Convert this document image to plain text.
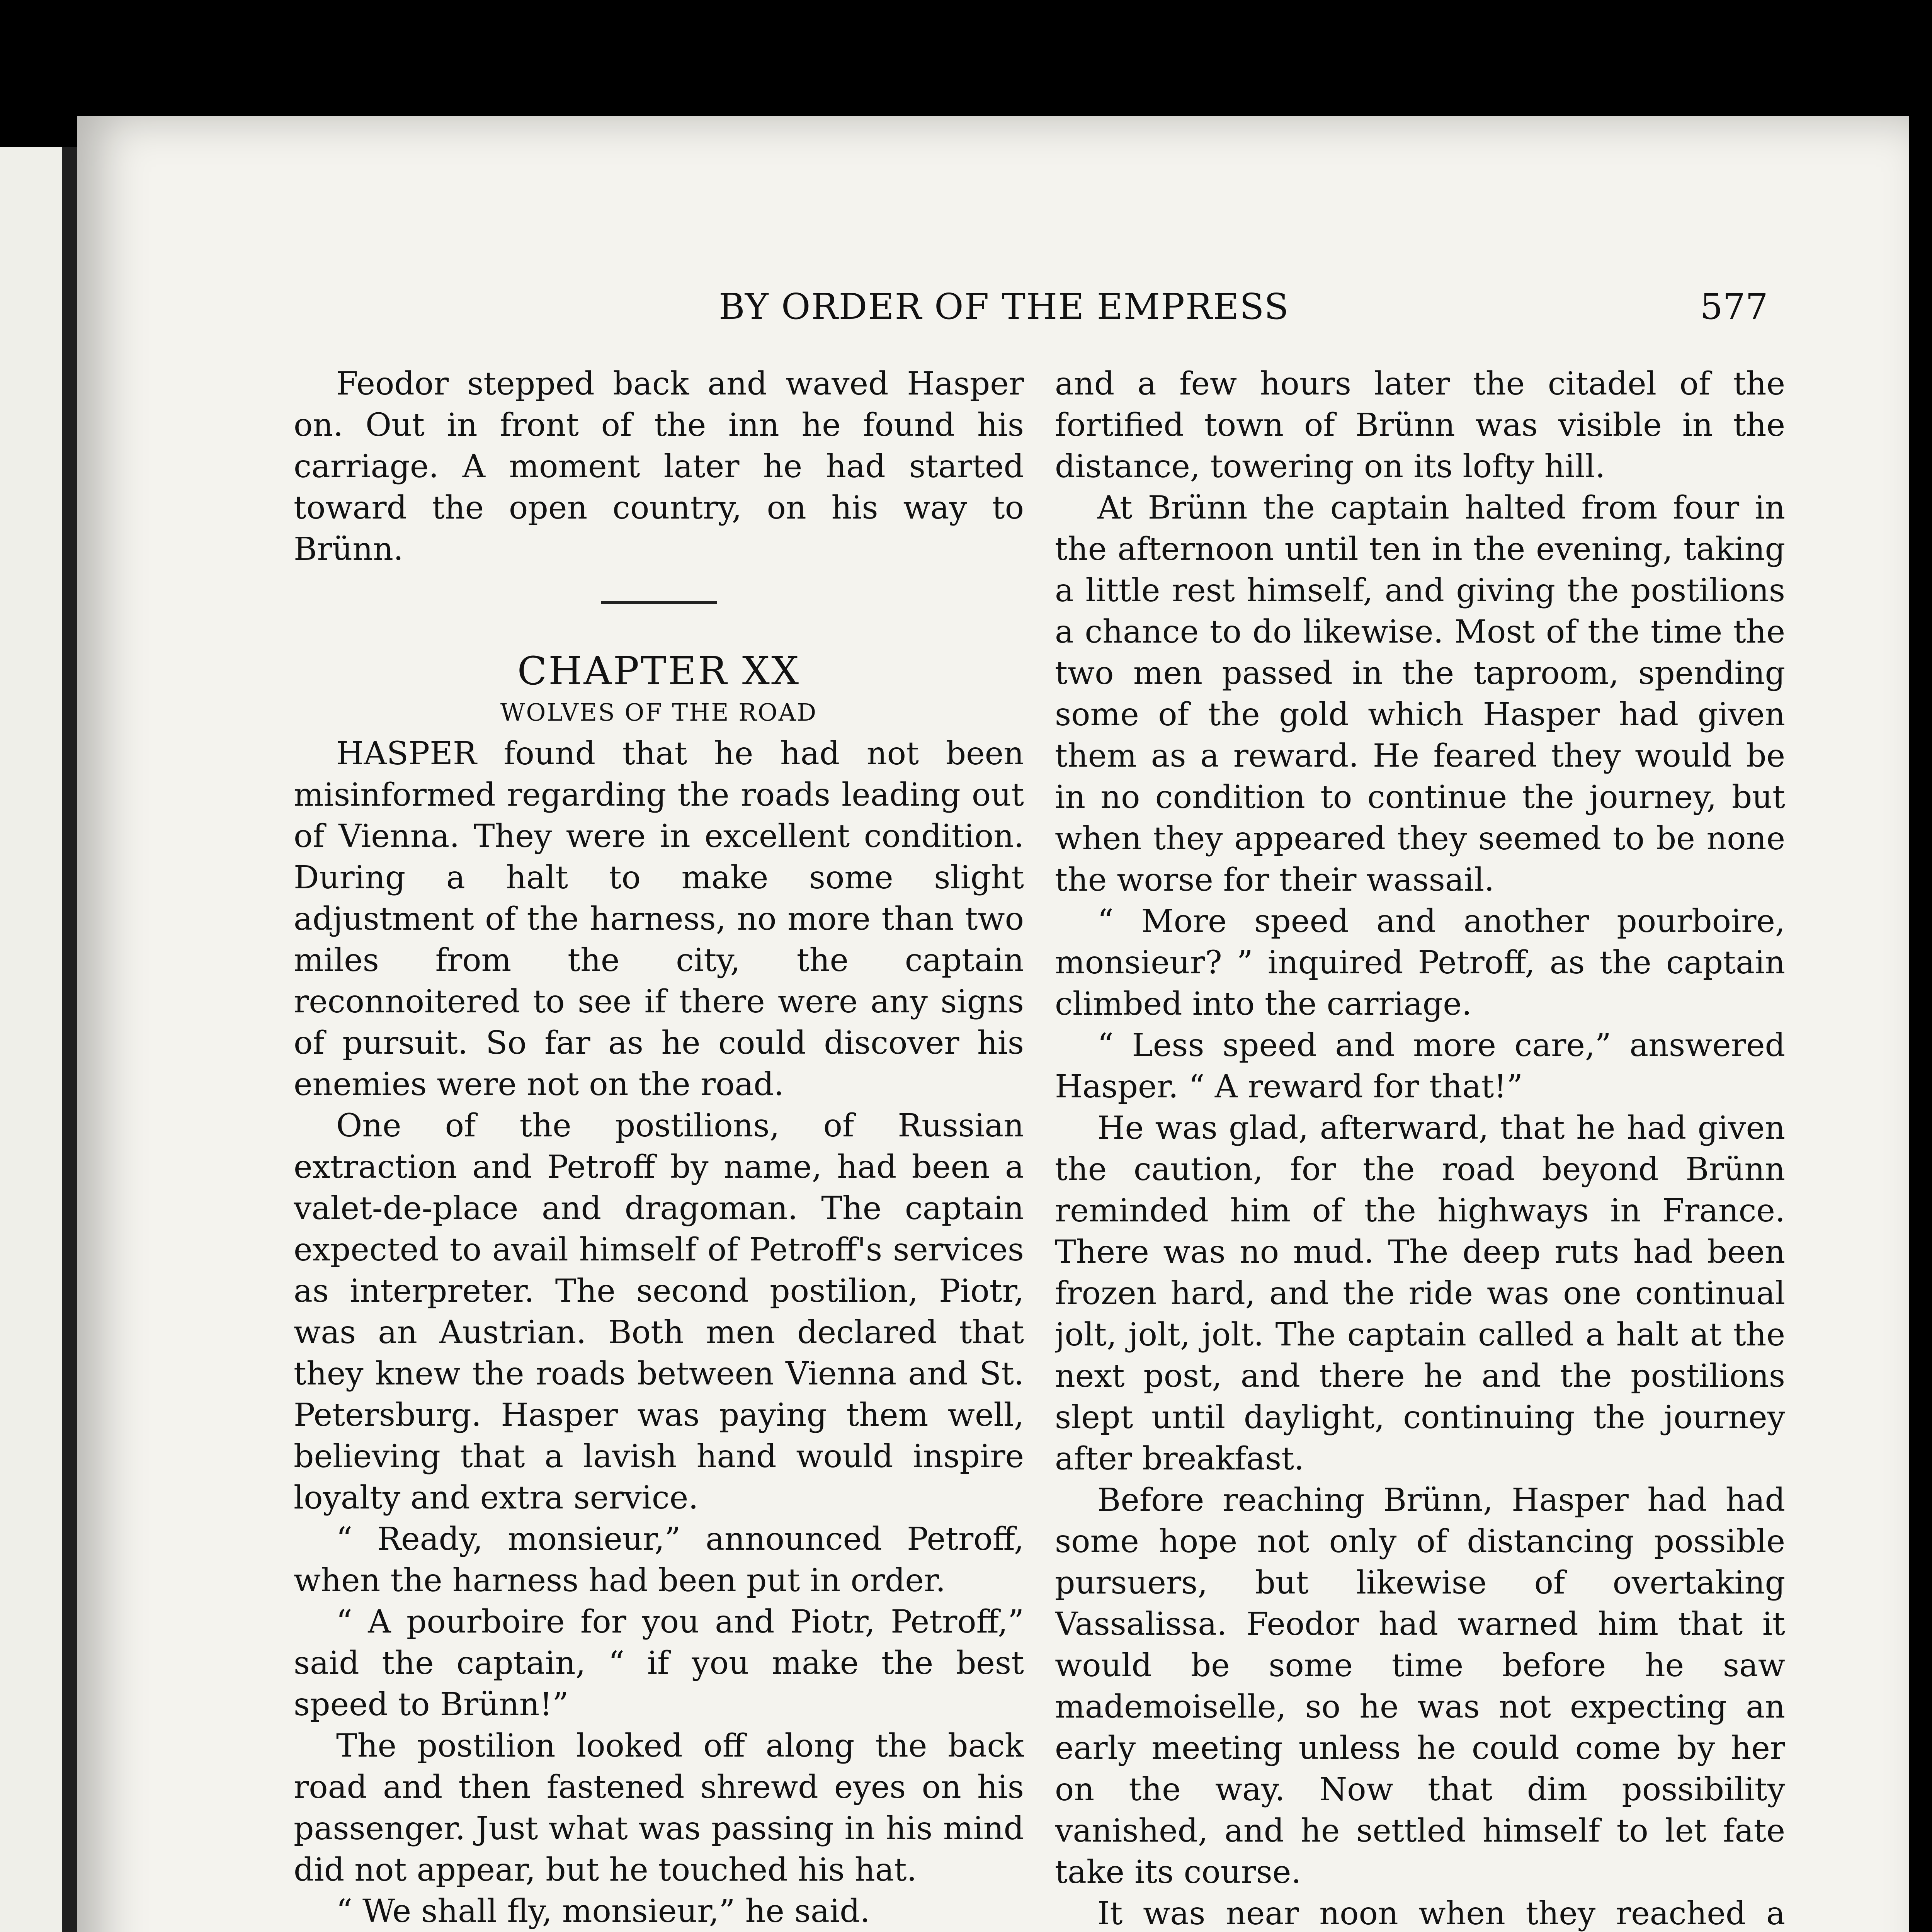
BY ORDER OF THE EMPRESS	577

Feodor stepped back and waved Hasper on. Out in front of the inn he found his carriage. A moment later he had started toward the open country, on his way to Brünn.

CHAPTER XX

WOLVES OF THE ROAD

HASPER found that he had not been misinformed regarding the roads leading out of Vienna. They were in excellent condition. During a halt to make some slight adjustment of the harness, no more than two miles from the city, the captain reconnoitered to see if there were any signs of pursuit. So far as he could discover his enemies were not on the road.

One of the postilions, of Russian extraction and Petroff by name, had been a valet-de-place and dragoman. The captain expected to avail himself of Petroff's services as interpreter. The second postilion, Piotr, was an Austrian. Both men declared that they knew the roads between Vienna and St. Petersburg. Hasper was paying them well, believing that a lavish hand would inspire loyalty and extra service.

“ Ready, monsieur,” announced Petroff, when the harness had been put in order.

“ A pourboire for you and Piotr, Petroff,” said the captain, “ if you make the best speed to Brünn!”

The postilion looked off along the back road and then fastened shrewd eyes on his passenger. Just what was passing in his mind did not appear, but he touched his hat.

“ We shall fly, monsieur,” he said.

and a few hours later the citadel of the fortified town of Brünn was visible in the distance, towering on its lofty hill.

At Brünn the captain halted from four in the afternoon until ten in the evening, taking a little rest himself, and giving the postilions a chance to do likewise. Most of the time the two men passed in the taproom, spending some of the gold which Hasper had given them as a reward. He feared they would be in no condition to continue the journey, but when they appeared they seemed to be none the worse for their wassail.

“ More speed and another pourboire, monsieur? ” inquired Petroff, as the captain climbed into the carriage.

“ Less speed and more care,” answered Hasper. “ A reward for that!”

He was glad, afterward, that he had given the caution, for the road beyond Brünn reminded him of the highways in France. There was no mud. The deep ruts had been frozen hard, and the ride was one continual jolt, jolt, jolt. The captain called a halt at the next post, and there he and the postilions slept until daylight, continuing the journey after breakfast.

Before reaching Brünn, Hasper had had some hope not only of distancing possible pursuers, but likewise of overtaking Vassalissa. Feodor had warned him that it would be some time before he saw mademoiselle, so he was not expecting an early meeting unless he could come by her on the way. Now that dim possibility vanished, and he settled himself to let fate take its course.

It was near noon when they reached a
